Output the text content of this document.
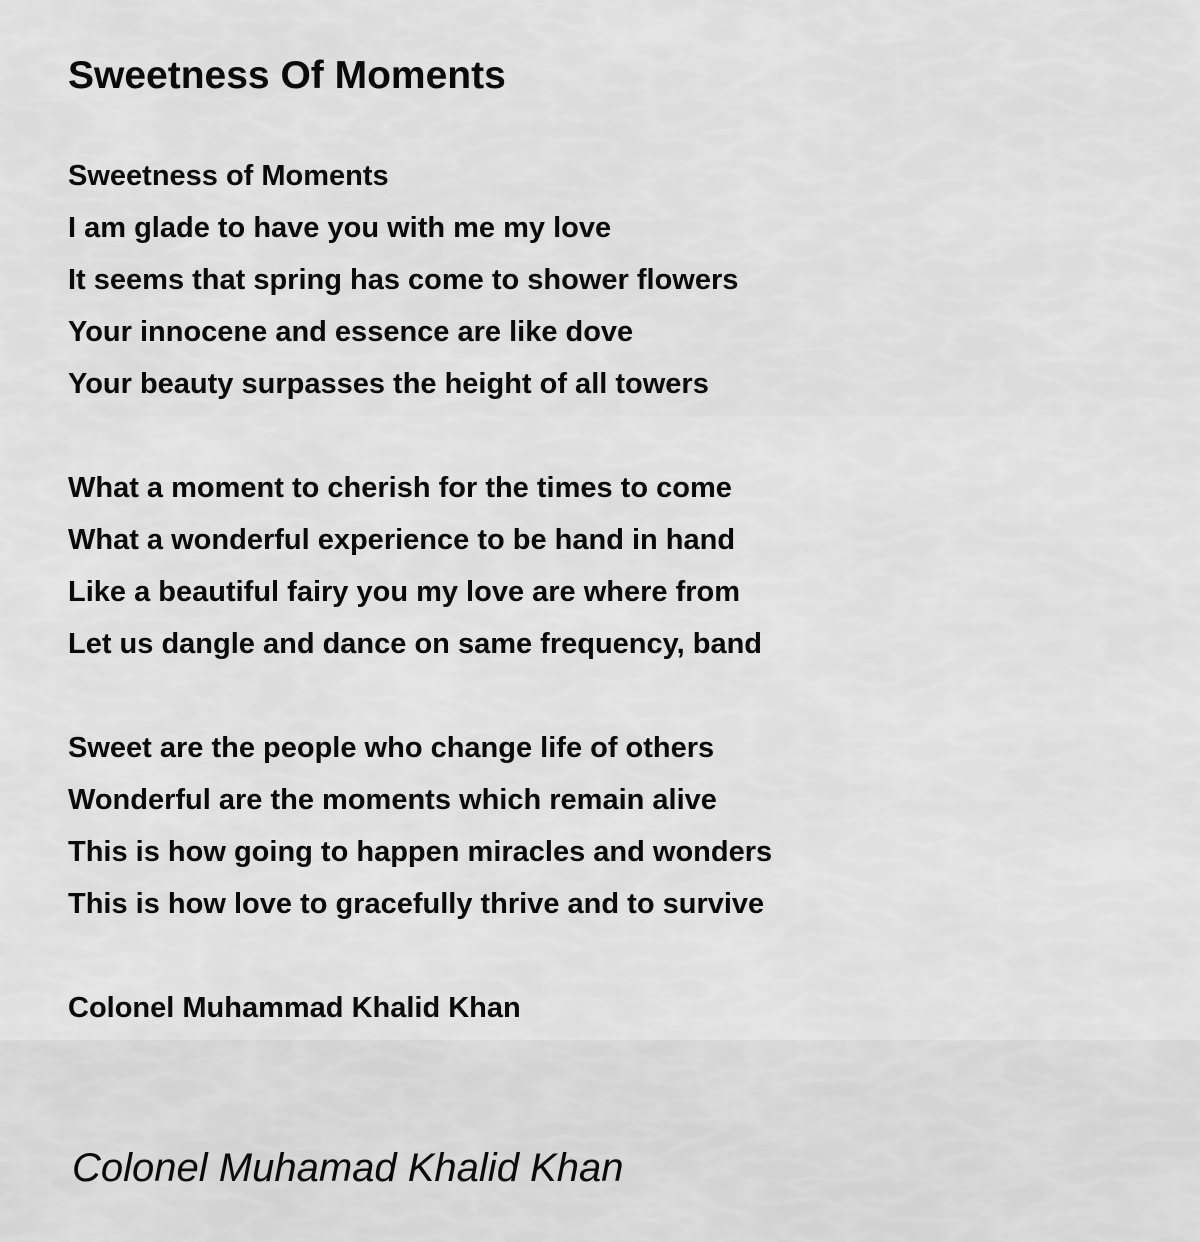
Sweetness Of Moments
Sweetness of Moments
I am glade to have you with me my love
It seems that spring has come to shower flowers
Your innocene and essence are like dove
Your beauty surpasses the height of all towers
What a moment to cherish for the times to come
What a wonderful experience to be hand in hand
Like a beautiful fairy you my love are where from
Let us dangle and dance on same frequency, band
Sweet are the people who change life of others
Wonderful are the moments which remain alive
This is how going to happen miracles and wonders
This is how love to gracefully thrive and to survive
Colonel Muhammad Khalid Khan
Colonel Muhamad Khalid Khan
